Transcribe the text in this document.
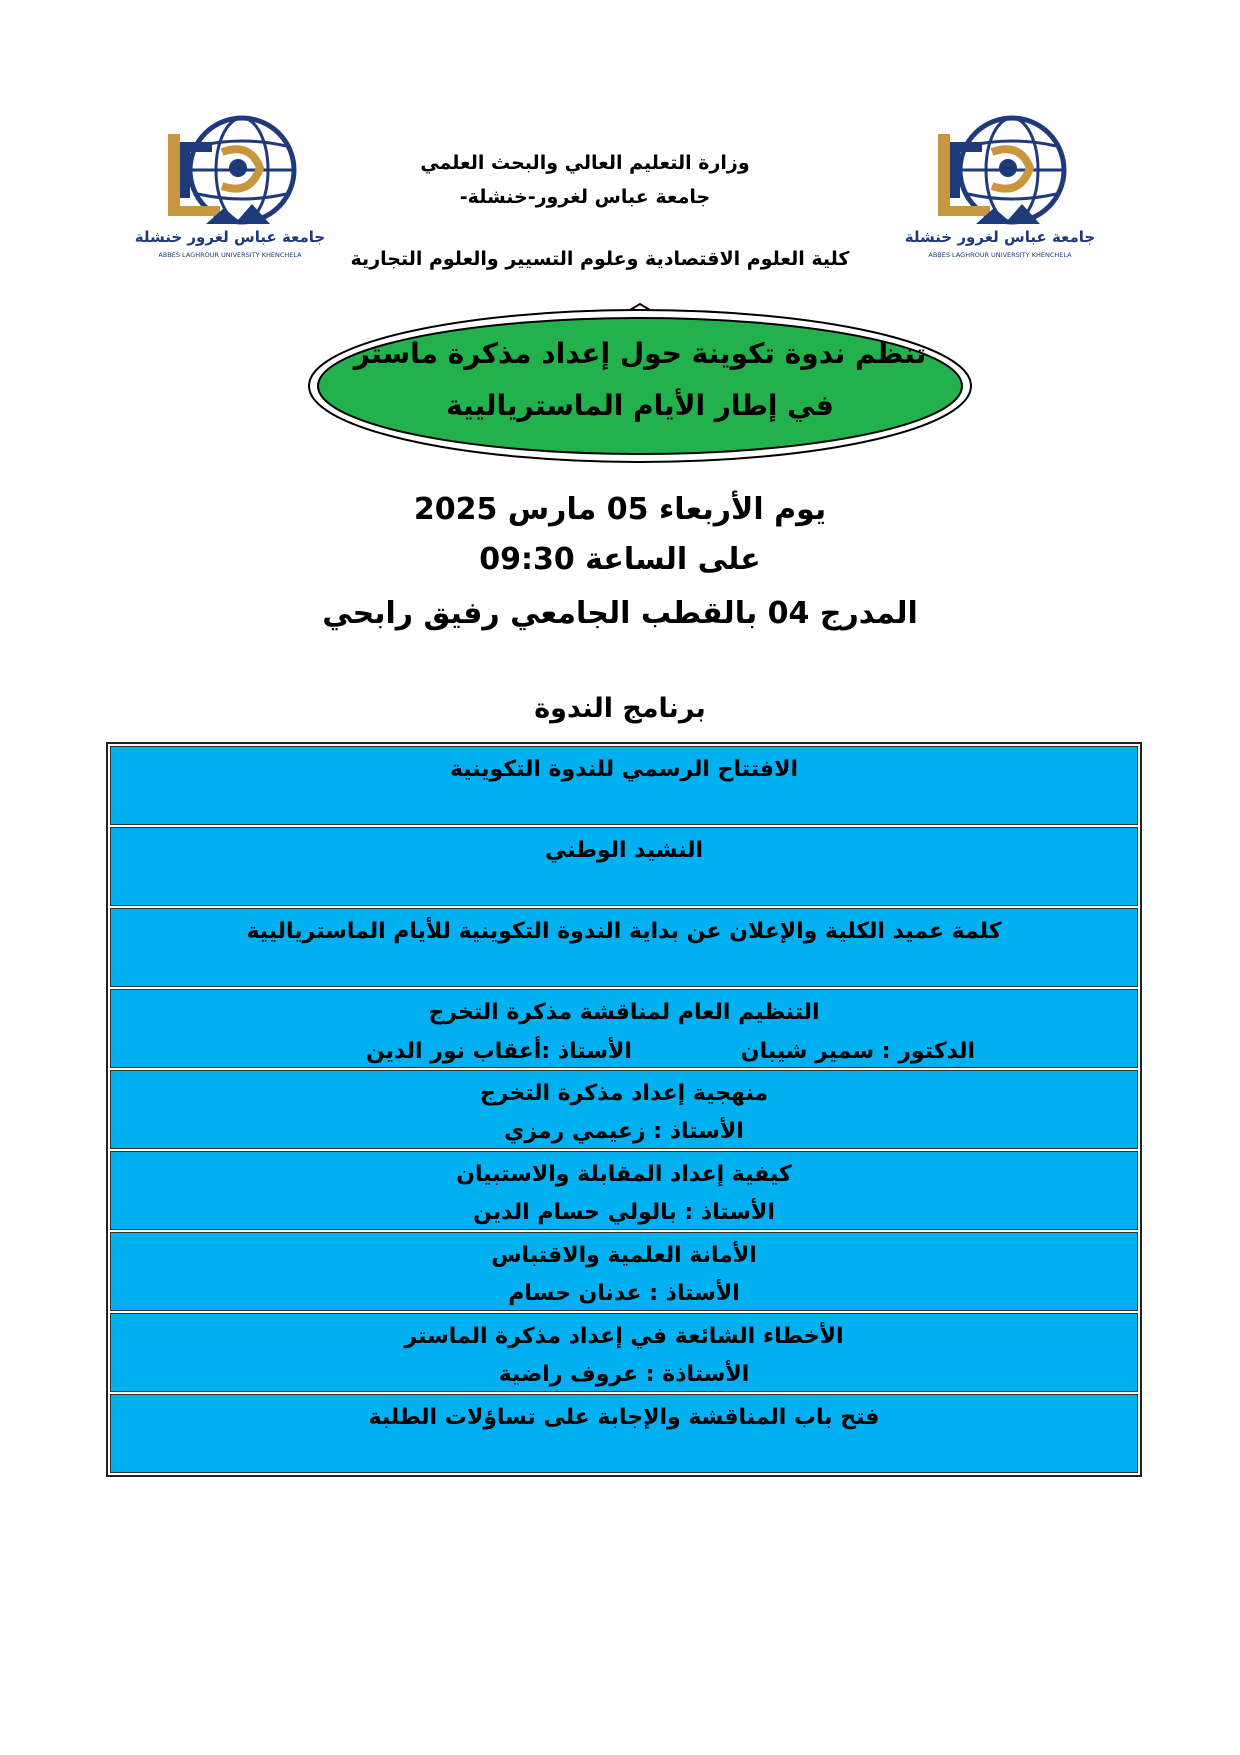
جامعة عباس لغرور خنشلة
ABBES LAGHROUR UNIVERSITY KHENCHELA
جامعة عباس لغرور خنشلة
ABBES LAGHROUR UNIVERSITY KHENCHELA
وزارة التعليم العالي والبحث العلمي
جامعة عباس لغرور-خنشلة-
كلية العلوم الاقتصادية وعلوم التسيير والعلوم التجارية
تنظم ندوة تكوينة حول إعداد مذكرة ماستر
في إطار الأيام الماسترياليية
يوم الأربعاء 05 مارس 2025
على الساعة 09:30
المدرج 04 بالقطب الجامعي رفيق رابحي
برنامج الندوة
الافتتاح الرسمي للندوة التكوينية
النشيد الوطني
كلمة عميد الكلية والإعلان عن بداية الندوة التكوينية للأيام الماسترياليية
التنظيم العام لمناقشة مذكرة التخرج
الدكتور : سمير شيبان
الأستاذ :أعقاب نور الدين
منهجية إعداد مذكرة التخرج
الأستاذ : زعيمي رمزي
كيفية إعداد المقابلة والاستبيان
الأستاذ : بالولي حسام الدين
الأمانة العلمية والاقتباس
الأستاذ : عدنان حسام
الأخطاء الشائعة في إعداد مذكرة الماستر
الأستاذة : عروف راضية
فتح باب المناقشة والإجابة على تساؤلات الطلبة
